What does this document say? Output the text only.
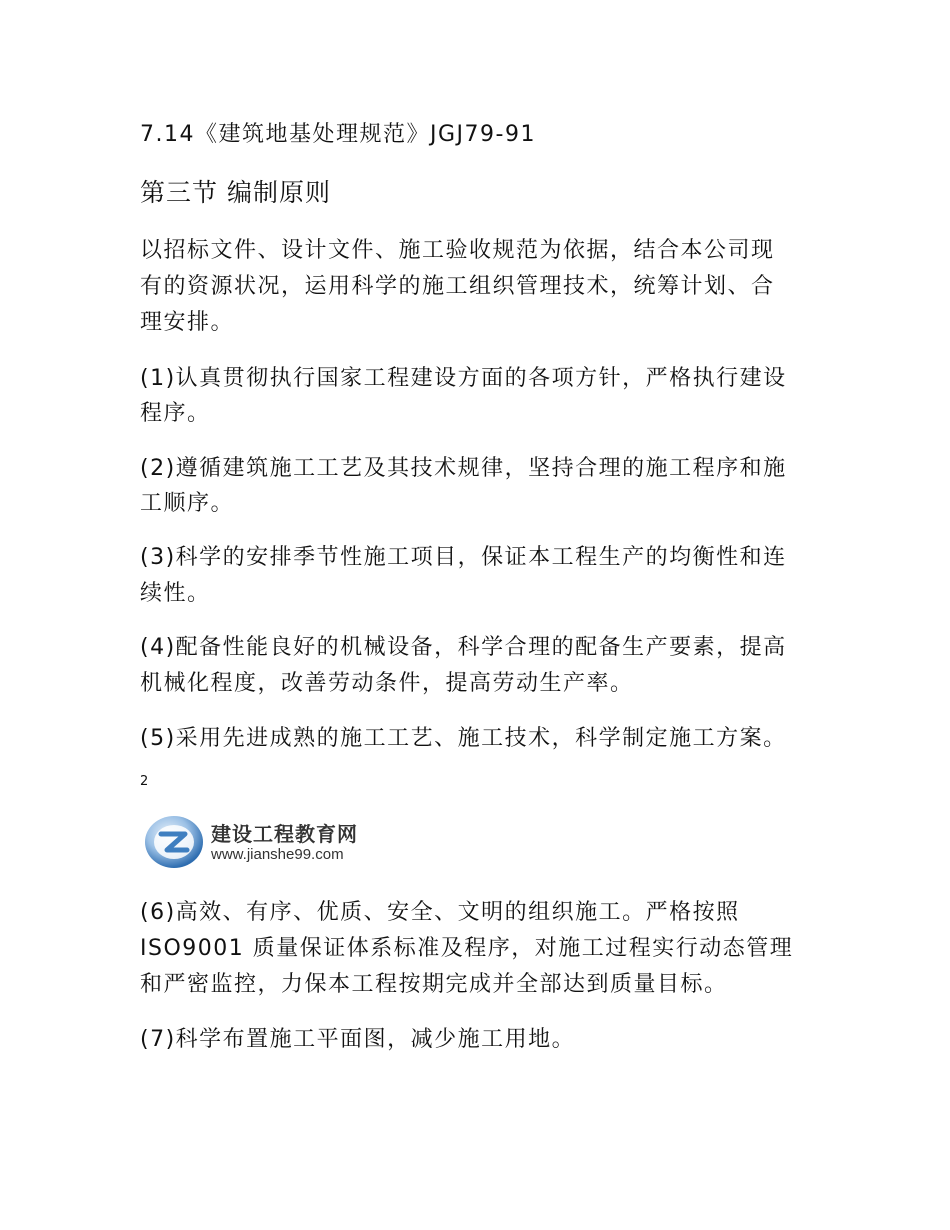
7.14《建筑地基处理规范》JGJ79-91
第三节 编制原则
以招标文件、设计文件、施工验收规范为依据，结合本公司现
有的资源状况，运用科学的施工组织管理技术，统筹计划、合
理安排。
(1)认真贯彻执行国家工程建设方面的各项方针，严格执行建设
程序。
(2)遵循建筑施工工艺及其技术规律，坚持合理的施工程序和施
工顺序。
(3)科学的安排季节性施工项目，保证本工程生产的均衡性和连
续性。
(4)配备性能良好的机械设备，科学合理的配备生产要素，提高
机械化程度，改善劳动条件，提高劳动生产率。
(5)采用先进成熟的施工工艺、施工技术，科学制定施工方案。
2
建设工程教育网
www.jianshe99.com
(6)高效、有序、优质、安全、文明的组织施工。严格按照
ISO9001 质量保证体系标准及程序，对施工过程实行动态管理
和严密监控，力保本工程按期完成并全部达到质量目标。
(7)科学布置施工平面图，减少施工用地。
